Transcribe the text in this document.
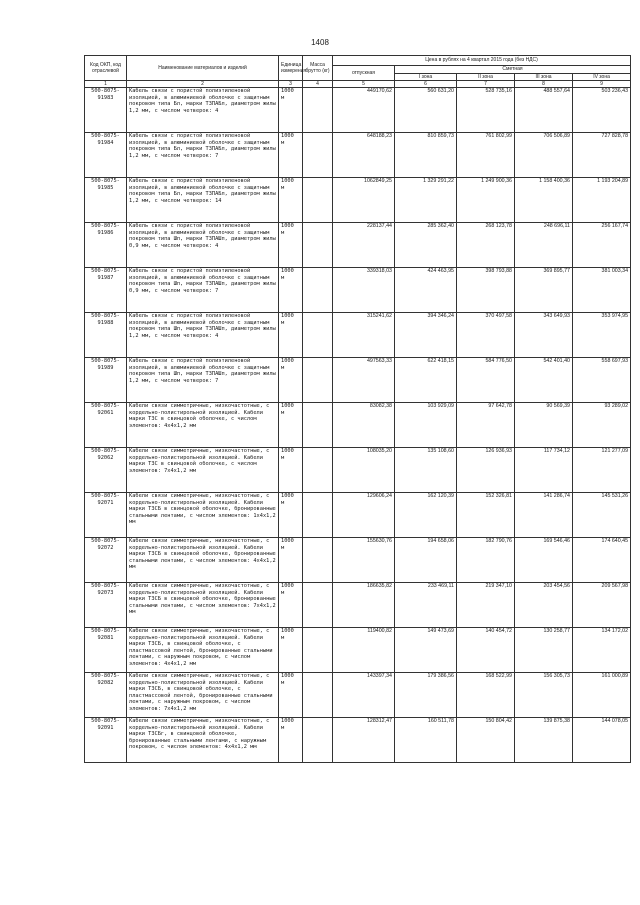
1408
Код ОКП, код отраслевой	Наименование материалов и изделий	Единица измерения	Масса брутто (кг)	Цена в рублях на 4 квартал 2015 года (без НДС)				
				отпускная	Сметная			
					I зона	II зона	III зона	IV зона
1	2	3	4	5	6	7	8	9
500-8075-91983	Кабель связи с пористой полиэтиленовой изоляцией, в алюминиевой оболочке с защитным покровом типа Бл, марки ТЗПАБл, диаметром жилы 1,2 мм, с числом четверок: 4	1000 м		449170,62	560 631,20	528 735,16	488 557,64	503 236,43
500-8075-91984	Кабель связи с пористой полиэтиленовой изоляцией, в алюминиевой оболочке с защитным покровом типа Бл, марки ТЗПАБл, диаметром жилы 1,2 мм, с числом четверок: 7	1000 м		648188,23	810 859,73	761 802,99	706 506,89	727 828,78
500-8075-91985	Кабель связи с пористой полиэтиленовой изоляцией, в алюминиевой оболочке с защитным покровом типа Бл, марки ТЗПАБл, диаметром жилы 1,2 мм, с числом четверок: 14	1000 м		1062849,25	1 329 291,22	1 249 900,36	1 158 400,36	1 193 204,89
500-8075-91986	Кабель связи с пористой полиэтиленовой изоляцией, в алюминиевой оболочке с защитным покровом типа Шп, марки ТЗПАШп, диаметром жилы 0,9 мм, с числом четверок: 4	1000 м		228137,44	285 362,40	268 123,78	248 696,11	256 167,74
500-8075-91987	Кабель связи с пористой полиэтиленовой изоляцией, в алюминиевой оболочке с защитным покровом типа Шп, марки ТЗПАШп, диаметром жилы 0,9 мм, с числом четверок: 7	1000 м		339318,03	424 463,95	398 793,88	369 895,77	381 003,34
500-8075-91988	Кабель связи с пористой полиэтиленовой изоляцией, в алюминиевой оболочке с защитным покровом типа Шп, марки ТЗПАШп, диаметром жилы 1,2 мм, с числом четверок: 4	1000 м		315241,62	394 346,24	370 497,58	343 649,93	353 974,95
500-8075-91989	Кабель связи с пористой полиэтиленовой изоляцией, в алюминиевой оболочке с защитным покровом типа Шп, марки ТЗПАШп, диаметром жилы 1,2 мм, с числом четверок: 7	1000 м		497563,33	622 418,15	584 776,50	542 401,40	558 697,93
500-8075-92061	Кабели связи симметричные, низкочастотные, с кордельно-полистирольной изоляцией. Кабели марки ТЗС в свинцовой оболочке, с числом элементов: 4х4х1,2 мм	1000 м		83082,38	103 929,09	97 642,78	90 569,39	93 289,02
500-8075-92062	Кабели связи симметричные, низкочастотные, с кордельно-полистирольной изоляцией. Кабели марки ТЗС в свинцовой оболочке, с числом элементов: 7х4х1,2 мм	1000 м		108035,20	135 108,60	126 936,93	117 734,12	121 277,09
500-8075-92071	Кабели связи симметричные, низкочастотные, с кордельно-полистирольной изоляцией. Кабели марки ТЗСБ в свинцовой оболочке, бронированные стальными лентами, с числом элементов: 1х4х1,2 мм	1000 м		129606,24	162 120,39	152 326,81	141 286,74	145 531,26
500-8075-92072	Кабели связи симметричные, низкочастотные, с кордельно-полистирольной изоляцией. Кабели марки ТЗСБ в свинцовой оболочке, бронированные стальными лентами, с числом элементов: 4х4х1,2 мм	1000 м		155630,76	194 658,06	182 790,76	169 546,46	174 640,45
500-8075-92073	Кабели связи симметричные, низкочастотные, с кордельно-полистирольной изоляцией. Кабели марки ТЗСБ в свинцовой оболочке, бронированные стальными лентами, с числом элементов: 7х4х1,2 мм	1000 м		186635,82	233 469,11	219 347,10	203 454,56	209 567,98
500-8075-92081	Кабели связи симметричные, низкочастотные, с кордельно-полистирольной изоляцией. Кабели марки ТЗСБ, в свинцовой оболочке, с пластмассовой лентой, бронированные стальными лентами, с наружным покровом, с числом элементов: 4х4х1,2 мм	1000 м		119400,82	149 473,69	140 454,72	130 258,77	134 172,02
500-8075-92082	Кабели связи симметричные, низкочастотные, с кордельно-полистирольной изоляцией. Кабели марки ТЗСБ, в свинцовой оболочке, с пластмассовой лентой, бронированные стальными лентами, с наружным покровом, с числом элементов: 7х4х1,2 мм	1000 м		143397,34	179 386,56	168 522,99	156 305,73	161 000,89
500-8075-92091	Кабели связи симметричные, низкочастотные, с кордельно-полистирольной изоляцией. Кабели марки ТЗСБг, в свинцовой оболочке, бронированные стальными лентами, с наружным покровом, с числом элементов: 4х4х1,2 мм	1000 м		128312,47	160 511,78	150 804,42	139 875,38	144 078,05
